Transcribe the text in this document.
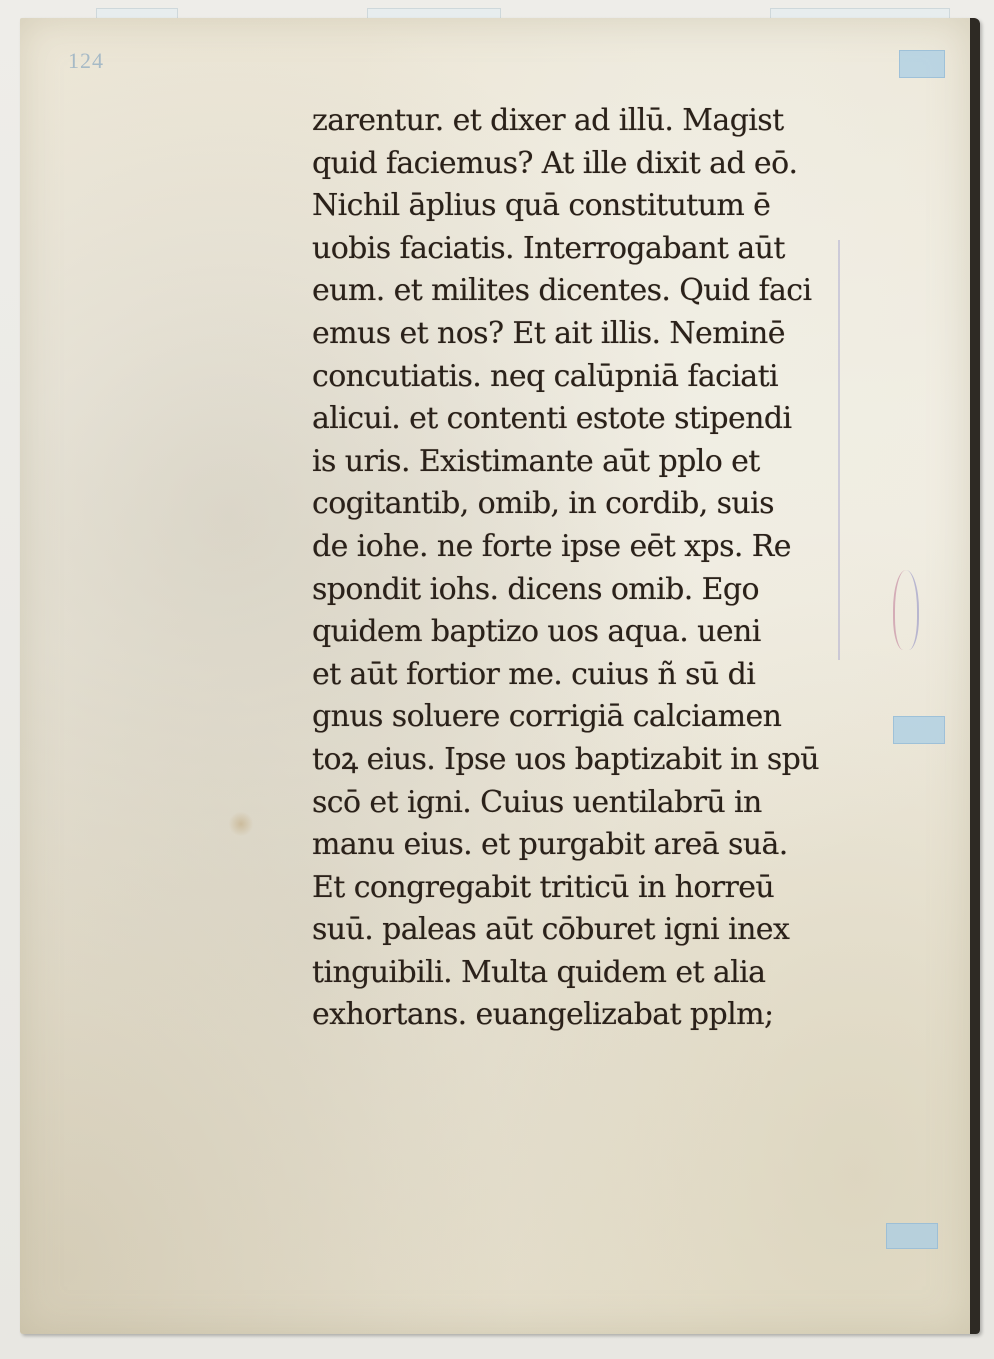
124
zarentur. et dixer ad illū. Magist
quid faciemus? At ille dixit ad eō.
Nichil āplius quā constitutum ē
uobis faciatis. Interrogabant aūt
eum. et milites dicentes. Quid faci
emus et nos? Et ait illis. Neminē
concutiatis. neq calūpniā faciati
alicui. et contenti estote stipendi
is uris. Existimante aūt pplo et
cogitantib, omib, in cordib, suis
de iohe. ne forte ipse eēt xps. Re
spondit iohs. dicens omib. Ego
quidem baptizo uos aqua. ueni
et aūt fortior me. cuius ñ sū di
gnus soluere corrigiā calciamen
toꝝ eius. Ipse uos baptizabit in spū
scō et igni. Cuius uentilabrū in
manu eius. et purgabit areā suā.
Et congregabit triticū in horreū
suū. paleas aūt cōburet igni inex
tinguibili. Multa quidem et alia
exhortans. euangelizabat pplm;
